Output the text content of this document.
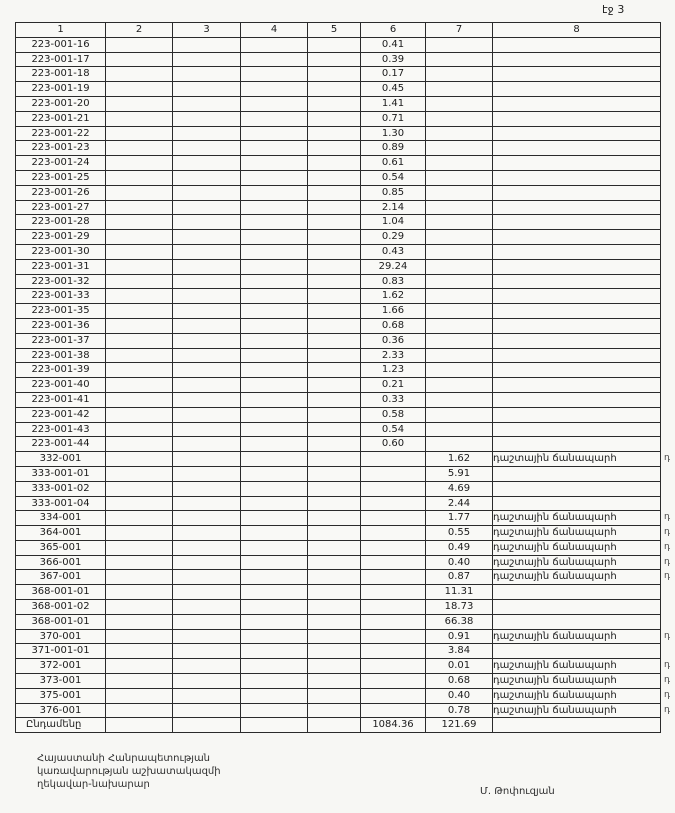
էջ 3
1	2	3	4	5	6	7	8
223-001-16					0.41		
223-001-17					0.39		
223-001-18					0.17		
223-001-19					0.45		
223-001-20					1.41		
223-001-21					0.71		
223-001-22					1.30		
223-001-23					0.89		
223-001-24					0.61		
223-001-25					0.54		
223-001-26					0.85		
223-001-27					2.14		
223-001-28					1.04		
223-001-29					0.29		
223-001-30					0.43		
223-001-31					29.24		
223-001-32					0.83		
223-001-33					1.62		
223-001-35					1.66		
223-001-36					0.68		
223-001-37					0.36		
223-001-38					2.33		
223-001-39					1.23		
223-001-40					0.21		
223-001-41					0.33		
223-001-42					0.58		
223-001-43					0.54		
223-001-44					0.60		
332-001						1.62	դաշտային ճանապարհ դ

333-001-01						5.91	
333-001-02						4.69	
333-001-04						2.44	
334-001						1.77	դաշտային ճանապարհ դ

364-001						0.55	դաշտային ճանապարհ դ

365-001						0.49	դաշտային ճանապարհ դ

366-001						0.40	դաշտային ճանապարհ դ

367-001						0.87	դաշտային ճանապարհ դ

368-001-01						11.31	
368-001-02						18.73	
368-001-01						66.38	
370-001						0.91	դաշտային ճանապարհ դ

371-001-01						3.84	
372-001						0.01	դաշտային ճանապարհ դ

373-001						0.68	դաշտային ճանապարհ դ

375-001						0.40	դաշտային ճանապարհ դ

376-001						0.78	դաշտային ճանապարհ դ

Ընդամենը					1084.36	121.69	
Հայաստանի Հանրապետության
կառավարության աշխատակազմի
ղեկավար-նախարար
Մ. Թոփուզյան
